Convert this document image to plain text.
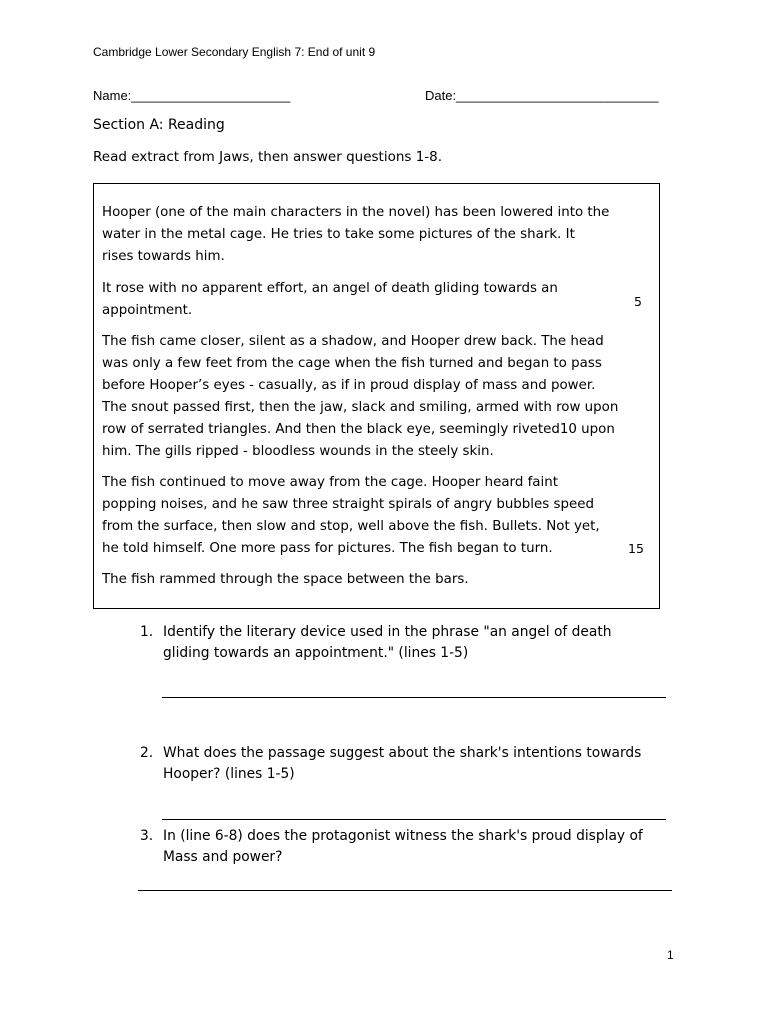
Cambridge Lower Secondary English 7: End of unit 9
Name:______________________	Date:____________________________
Section A: Reading
Read extract from Jaws, then answer questions 1-8.
Hooper (one of the main characters in the novel) has been lowered into the
water in the metal cage. He tries to take some pictures of the shark. It
rises towards him.
It rose with no apparent effort, an angel of death gliding towards an
appointment.
5
The fish came closer, silent as a shadow, and Hooper drew back. The head
was only a few feet from the cage when the fish turned and began to pass
before Hooper’s eyes - casually, as if in proud display of mass and power.
The snout passed first, then the jaw, slack and smiling, armed with row upon
row of serrated triangles. And then the black eye, seemingly riveted10 upon
him. The gills ripped - bloodless wounds in the steely skin.
The fish continued to move away from the cage. Hooper heard faint
popping noises, and he saw three straight spirals of angry bubbles speed
from the surface, then slow and stop, well above the fish. Bullets. Not yet,
he told himself. One more pass for pictures. The fish began to turn.	15
The fish rammed through the space between the bars.
1. Identify the literary device used in the phrase "an angel of death
gliding towards an appointment." (lines 1-5)
2. What does the passage suggest about the shark's intentions towards
Hooper? (lines 1-5)
3. In (line 6-8) does the protagonist witness the shark's proud display of
Mass and power?
1
